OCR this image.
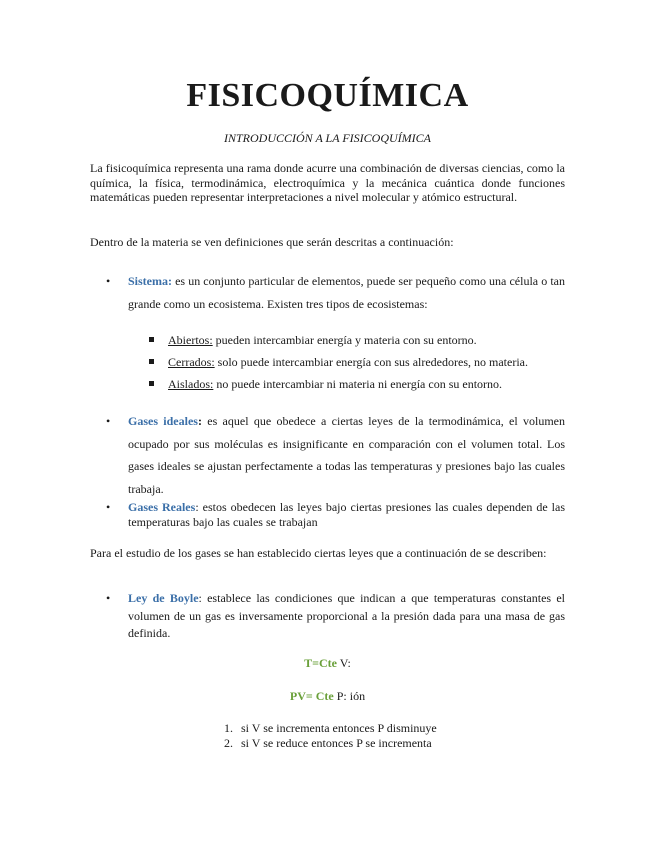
FISICOQUÍMICA
INTRODUCCIÓN A LA FISICOQUÍMICA
La fisicoquímica representa una rama donde acurre una combinación de diversas ciencias, como la química, la física, termodinámica, electroquímica y la mecánica cuántica donde funciones matemáticas pueden representar interpretaciones a nivel molecular y atómico estructural.
Dentro de la materia se ven definiciones que serán descritas a continuación:
• Sistema: es un conjunto particular de elementos, puede ser pequeño como una célula o tan grande como un ecosistema. Existen tres tipos de ecosistemas:
Abiertos: pueden intercambiar energía y materia con su entorno.
Cerrados: solo puede intercambiar energía con sus alrededores, no materia.
Aislados: no puede intercambiar ni materia ni energía con su entorno.
• Gases ideales: es aquel que obedece a ciertas leyes de la termodinámica, el volumen ocupado por sus moléculas es insignificante en comparación con el volumen total. Los gases ideales se ajustan perfectamente a todas las temperaturas y presiones bajo las cuales trabaja.
• Gases Reales: estos obedecen las leyes bajo ciertas presiones las cuales dependen de las temperaturas bajo las cuales se trabajan
Para el estudio de los gases se han establecido ciertas leyes que a continuación de se describen:
• Ley de Boyle: establece las condiciones que indican a que temperaturas constantes el volumen de un gas es inversamente proporcional a la presión dada para una masa de gas definida.
T=Cte V:
PV= Cte P: ión
1. si V se incrementa entonces P disminuye
2. si V se reduce entonces P se incrementa
